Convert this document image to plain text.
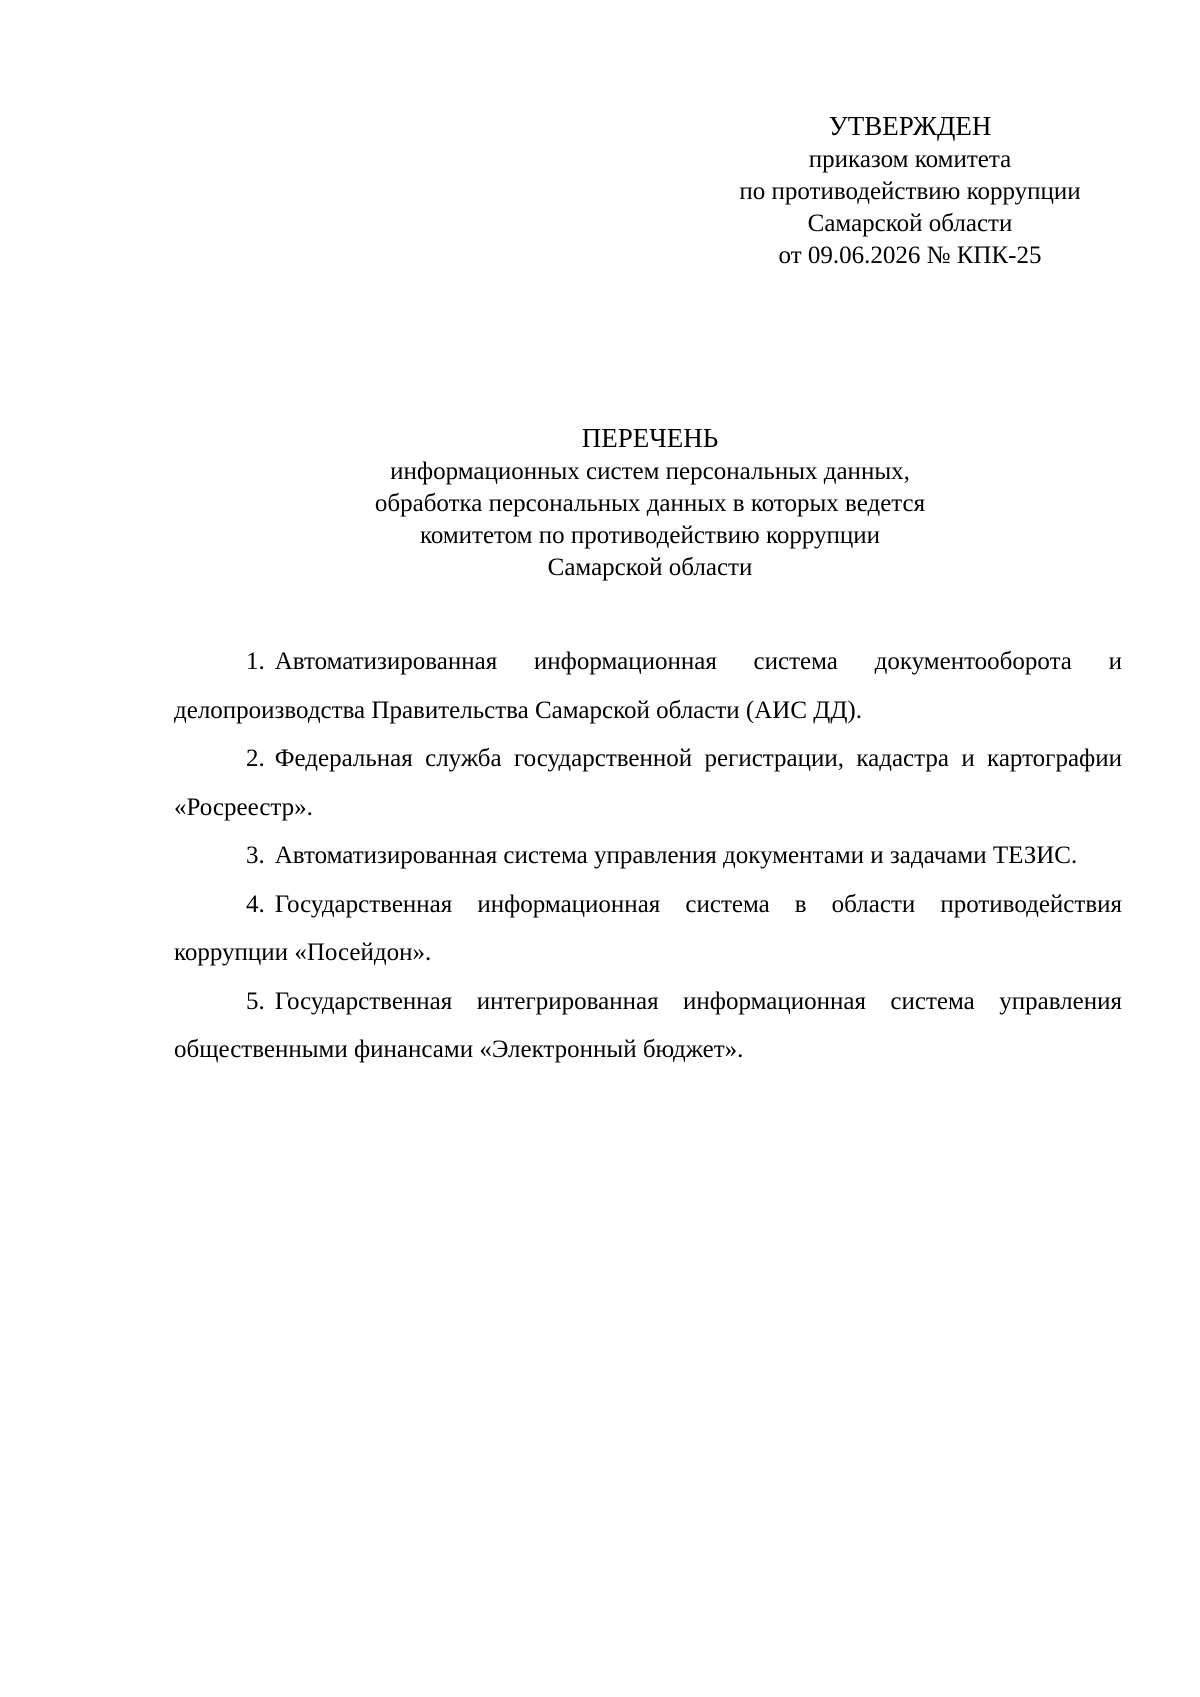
УТВЕРЖДЕН
приказом комитета
по противодействию коррупции
Самарской области
от 09.06.2026 № КПК-25
ПЕРЕЧЕНЬ
информационных систем персональных данных,
обработка персональных данных в которых ведется
комитетом по противодействию коррупции
Самарской области

1. Автоматизированная информационная система документооборота и делопроизводства Правительства Самарской области (АИС ДД).

2. Федеральная служба государственной регистрации, кадастра и картографии «Росреестр».

3. Автоматизированная система управления документами и задачами ТЕЗИС.

4. Государственная информационная система в области противодействия коррупции «Посейдон».

5. Государственная интегрированная информационная система управления общественными финансами «Электронный бюджет».
